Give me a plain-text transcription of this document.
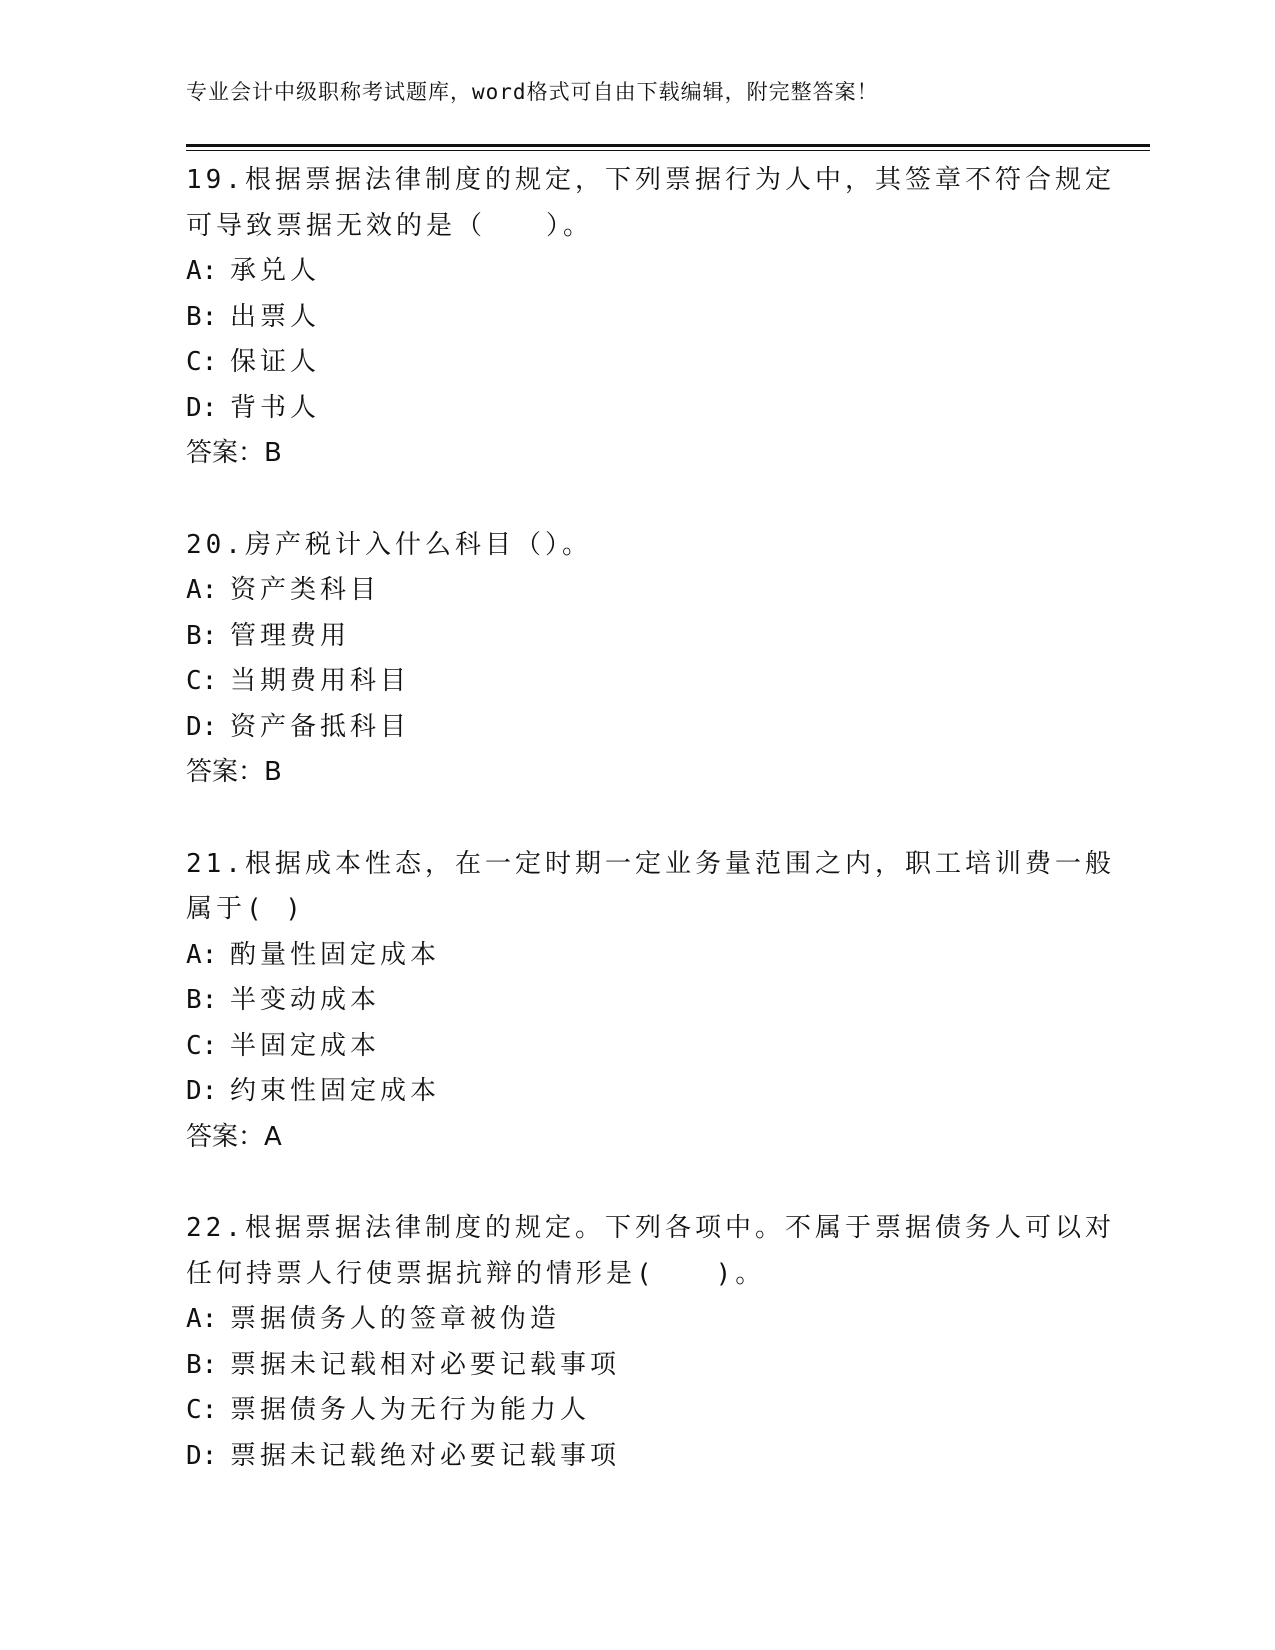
专业会计中级职称考试题库，word格式可自由下载编辑，附完整答案！
19.根据票据法律制度的规定，下列票据行为人中，其签章不符合规定
可导致票据无效的是（　　）。
A: 承兑人
B: 出票人
C: 保证人
D: 背书人
答案：B
20.房产税计入什么科目（）。
A: 资产类科目
B: 管理费用
C: 当期费用科目
D: 资产备抵科目
答案：B
21.根据成本性态，在一定时期一定业务量范围之内，职工培训费一般
属于( )
A: 酌量性固定成本
B: 半变动成本
C: 半固定成本
D: 约束性固定成本
答案：A
22.根据票据法律制度的规定。下列各项中。不属于票据债务人可以对
任何持票人行使票据抗辩的情形是(　　)。
A: 票据债务人的签章被伪造
B: 票据未记载相对必要记载事项
C: 票据债务人为无行为能力人
D: 票据未记载绝对必要记载事项
